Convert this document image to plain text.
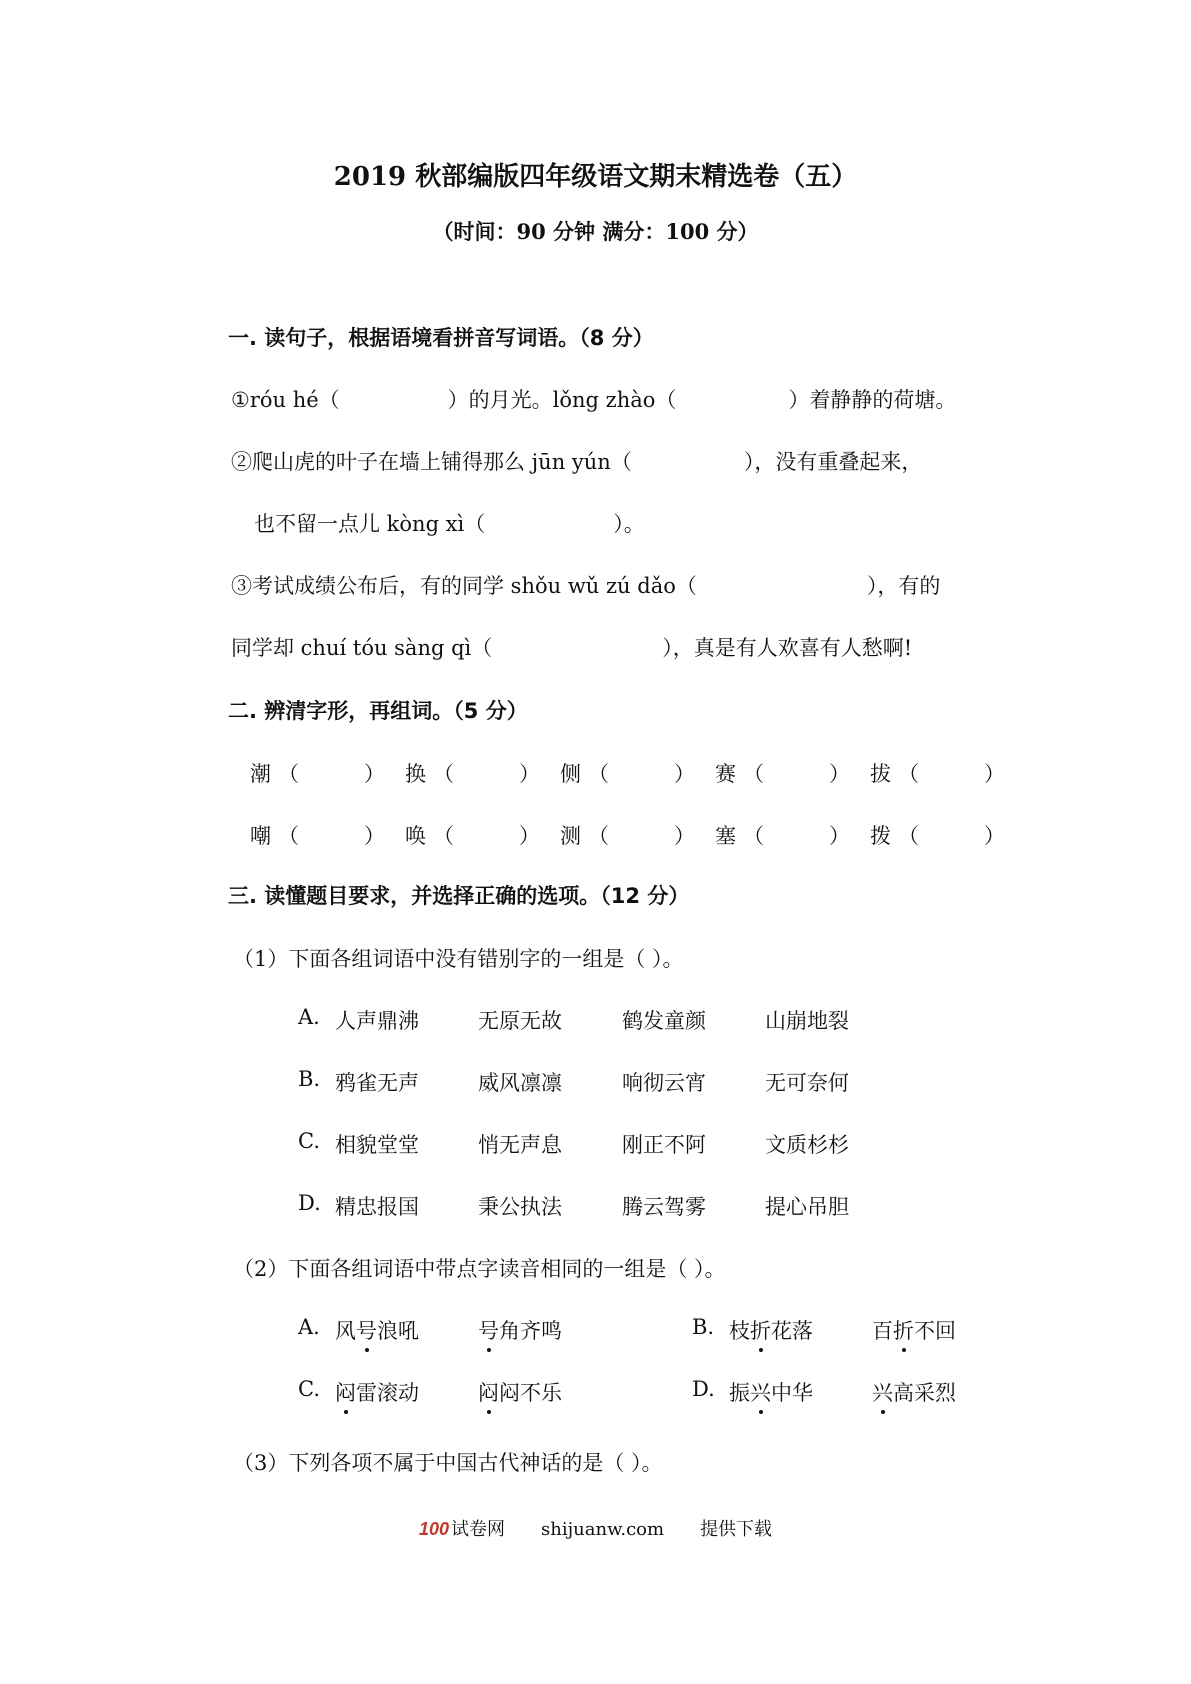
2019 秋部编版四年级语文期末精选卷（五）
（时间：90 分钟 满分：100 分）
一. 读句子，根据语境看拼音写词语。（8 分）
①róu hé（	）的月光。lǒng zhào（	）着静静的荷塘。
②爬山虎的叶子在墙上铺得那么 jūn yún（	），没有重叠起来，
也不留一点儿 kòng xì（	）。
③考试成绩公布后，有的同学 shǒu wǔ zú dǎo（	），有的
同学却 chuí tóu sàng qì（	），真是有人欢喜有人愁啊!
二. 辨清字形，再组词。（5 分）
潮 （	） 换 （	） 侧 （	） 赛 （	） 拔 （	）
嘲 （	） 唤 （	） 测 （	） 塞 （	） 拨 （	）
三. 读懂题目要求，并选择正确的选项。（12 分）
（1）下面各组词语中没有错别字的一组是（ ）。
A. 人声鼎沸	无原无故	鹤发童颜	山崩地裂
B. 鸦雀无声	威风凛凛	响彻云宵	无可奈何
C. 相貌堂堂	悄无声息	刚正不阿	文质杉杉
D. 精忠报国	秉公执法	腾云驾雾	提心吊胆
（2）下面各组词语中带点字读音相同的一组是（ ）。
A. 风号浪吼	号角齐鸣	B. 枝折花落	百折不回
C. 闷雷滚动	闷闷不乐	D. 振兴中华	兴高采烈
（3）下列各项不属于中国古代神话的是（ ）。
100 试卷网 shijuanw.com 提供下载
